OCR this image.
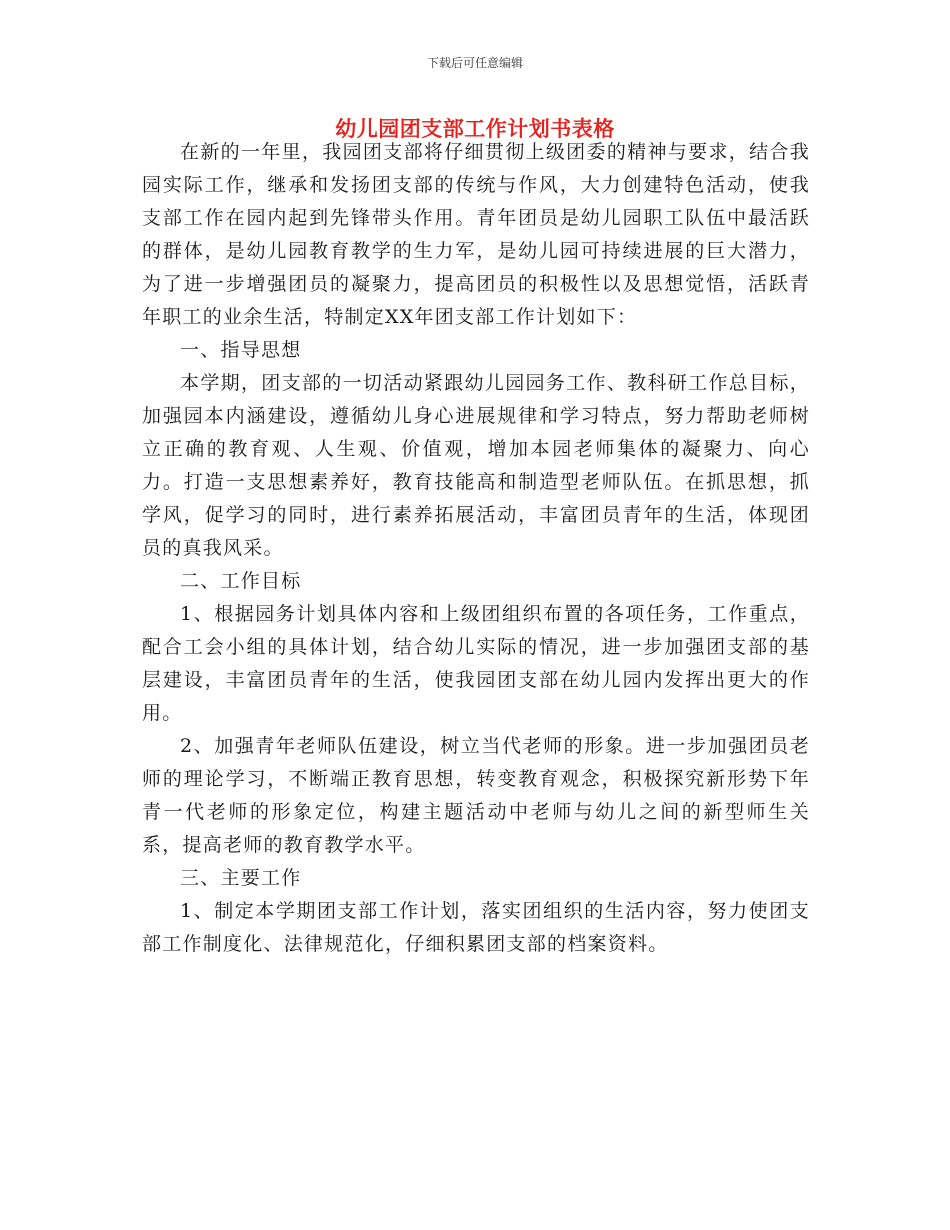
下载后可任意编辑
幼儿园团支部工作计划书表格

在新的一年里，我园团支部将仔细贯彻上级团委的精神与要求，结合我园实际工作，继承和发扬团支部的传统与作风，大力创建特色活动，使我支部工作在园内起到先锋带头作用。青年团员是幼儿园职工队伍中最活跃的群体，是幼儿园教育教学的生力军，是幼儿园可持续进展的巨大潜力，为了进一步增强团员的凝聚力，提高团员的积极性以及思想觉悟，活跃青年职工的业余生活，特制定XX年团支部工作计划如下：

一、指导思想

本学期，团支部的一切活动紧跟幼儿园园务工作、教科研工作总目标，加强园本内涵建设，遵循幼儿身心进展规律和学习特点，努力帮助老师树立正确的教育观、人生观、价值观，增加本园老师集体的凝聚力、向心力。打造一支思想素养好，教育技能高和制造型老师队伍。在抓思想，抓学风，促学习的同时，进行素养拓展活动，丰富团员青年的生活，体现团员的真我风采。

二、工作目标

1、根据园务计划具体内容和上级团组织布置的各项任务，工作重点，配合工会小组的具体计划，结合幼儿实际的情况，进一步加强团支部的基层建设，丰富团员青年的生活，使我园团支部在幼儿园内发挥出更大的作用。

2、加强青年老师队伍建设，树立当代老师的形象。进一步加强团员老师的理论学习，不断端正教育思想，转变教育观念，积极探究新形势下年青一代老师的形象定位，构建主题活动中老师与幼儿之间的新型师生关系，提高老师的教育教学水平。

三、主要工作

1、制定本学期团支部工作计划，落实团组织的生活内容，努力使团支部工作制度化、法律规范化，仔细积累团支部的档案资料。
